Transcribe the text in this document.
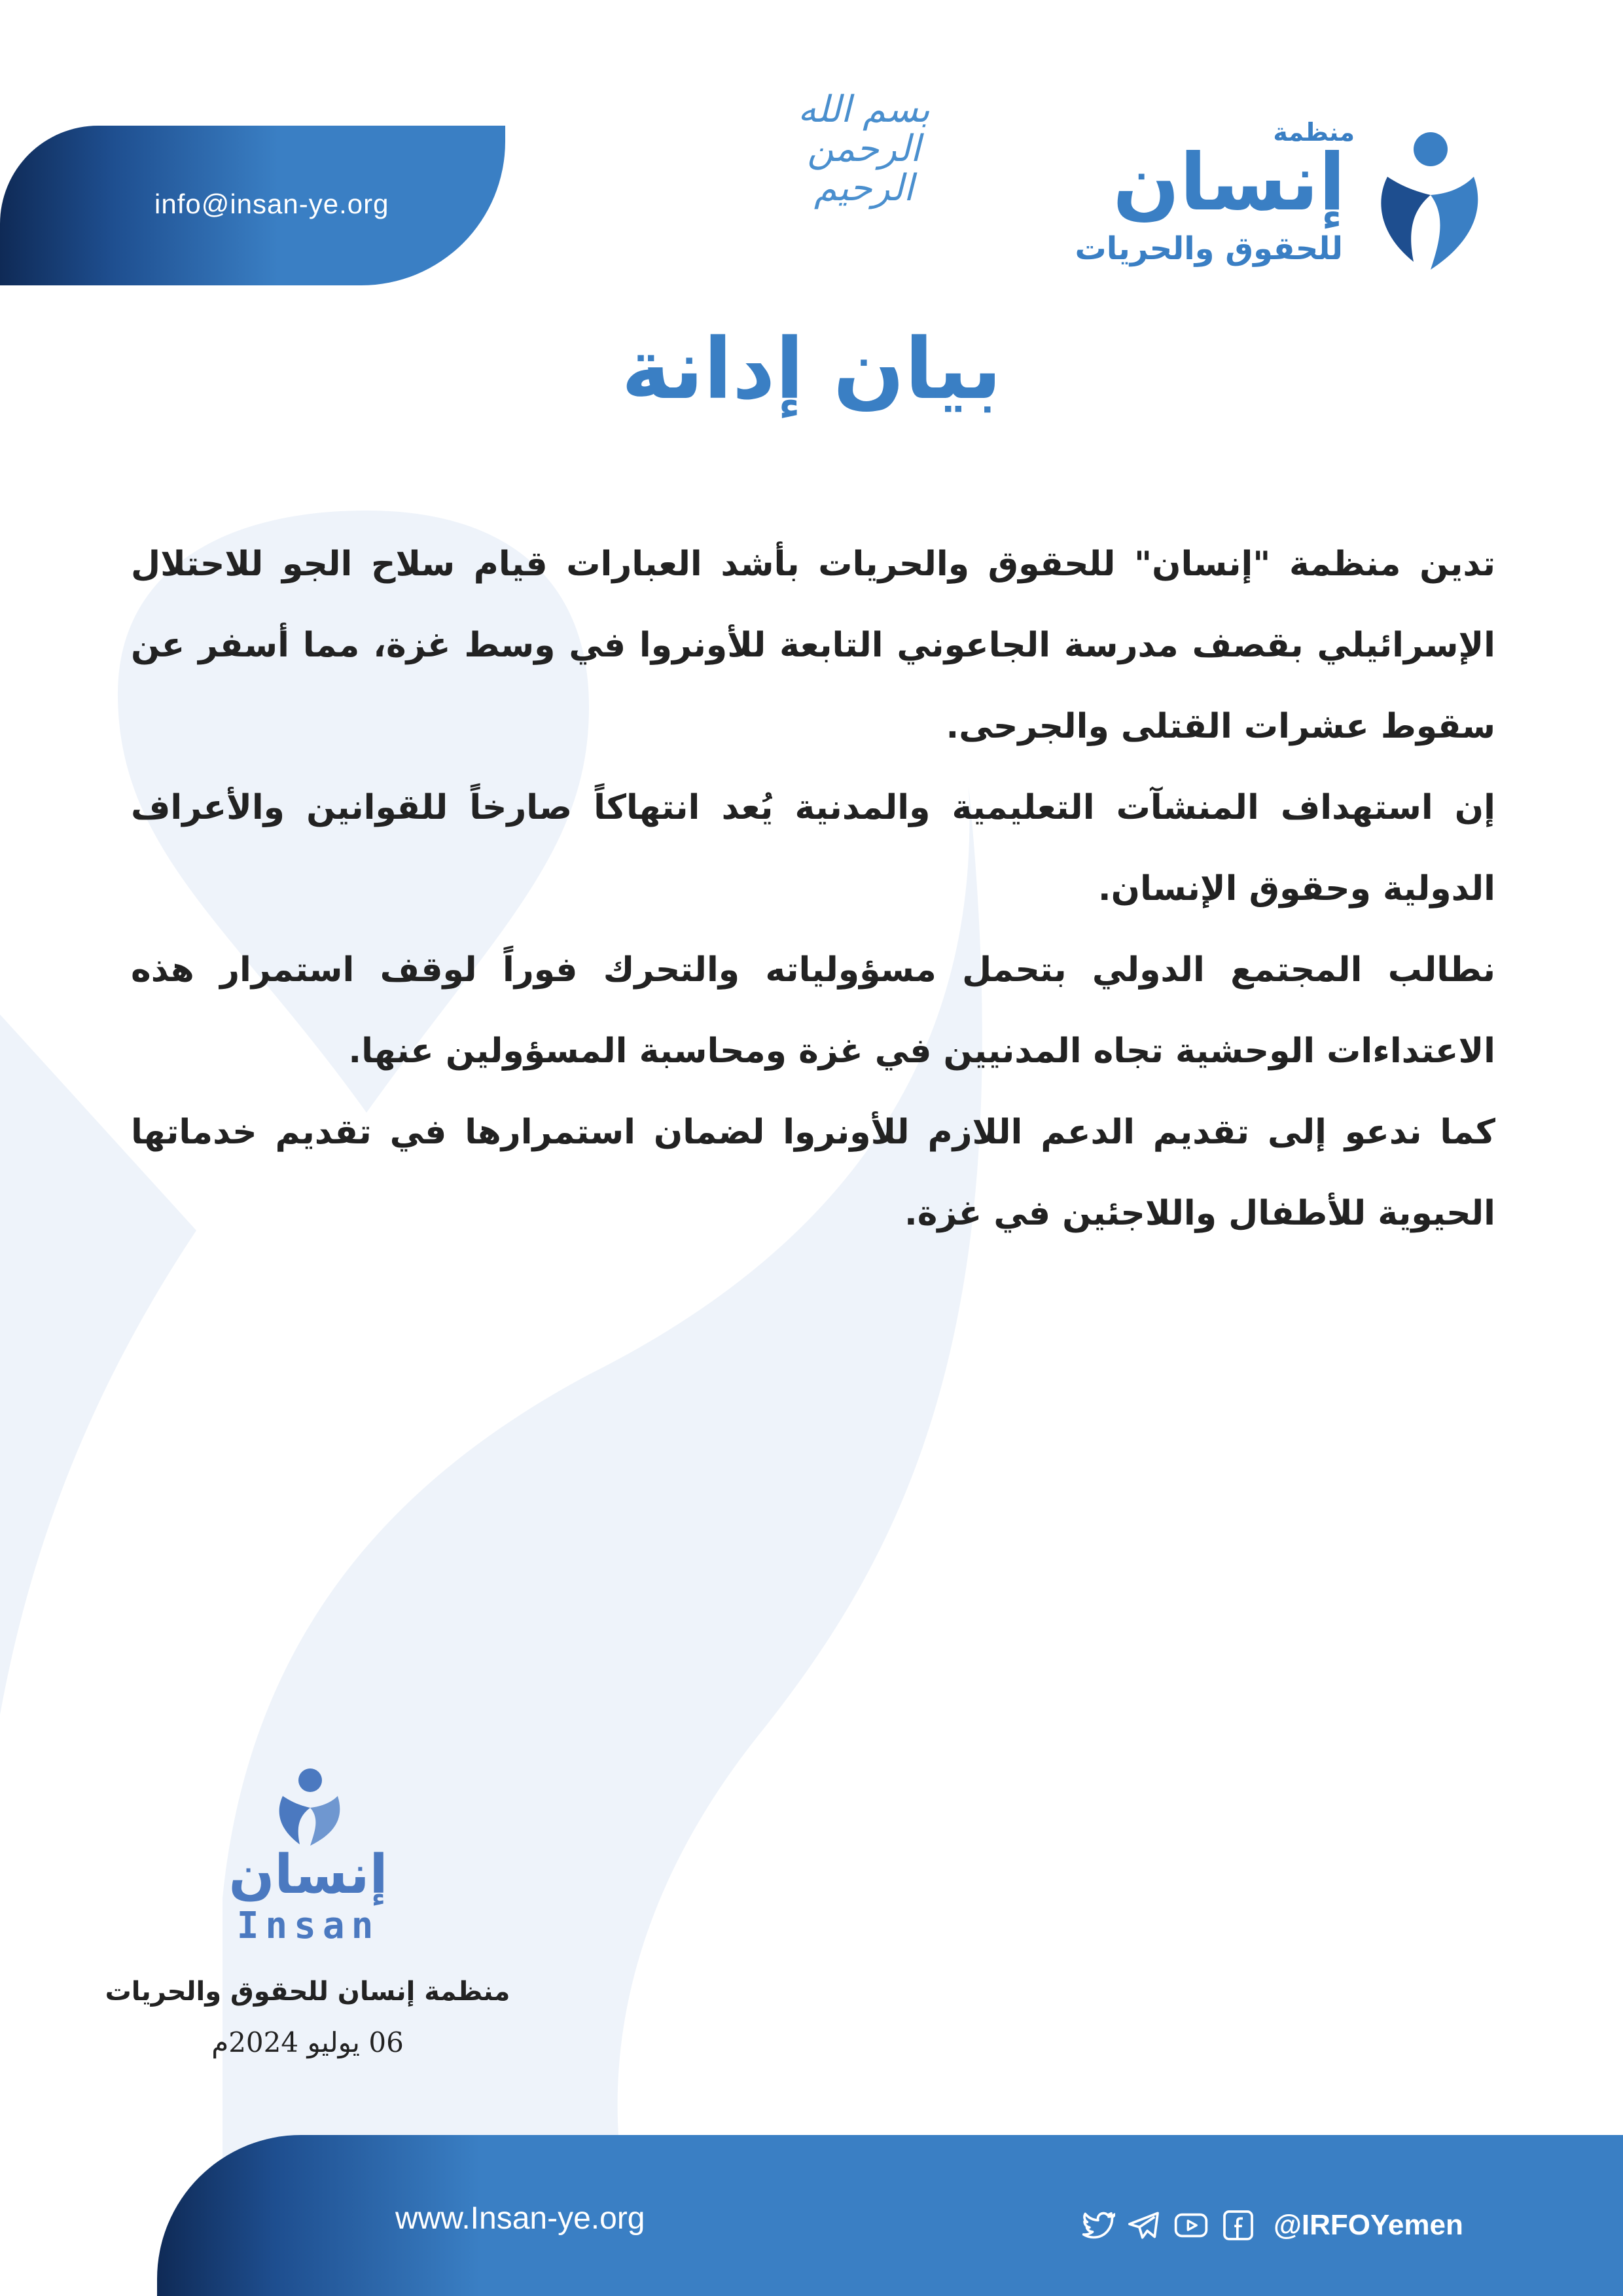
info@insan-ye.org
بسم الله الرحمن الرحيم
منظمة
إنسان
للحقوق والحريات
بيان إدانة

تدين منظمة "إنسان" للحقوق والحريات بأشد العبارات قيام سلاح الجو للاحتلال الإسرائيلي بقصف مدرسة الجاعوني التابعة للأونروا في وسط غزة، مما أسفر عن سقوط عشرات القتلى والجرحى.

إن استهداف المنشآت التعليمية والمدنية يُعد انتهاكاً صارخاً للقوانين والأعراف الدولية وحقوق الإنسان.

نطالب المجتمع الدولي بتحمل مسؤولياته والتحرك فوراً لوقف استمرار هذه الاعتداءات الوحشية تجاه المدنيين في غزة ومحاسبة المسؤولين عنها.

كما ندعو إلى تقديم الدعم اللازم للأونروا لضمان استمرارها في تقديم خدماتها الحيوية للأطفال واللاجئين في غزة.

إنسان
Insan
منظمة إنسان للحقوق والحريات
06 يوليو 2024م
www.Insan-ye.org	@IRFOYemen
